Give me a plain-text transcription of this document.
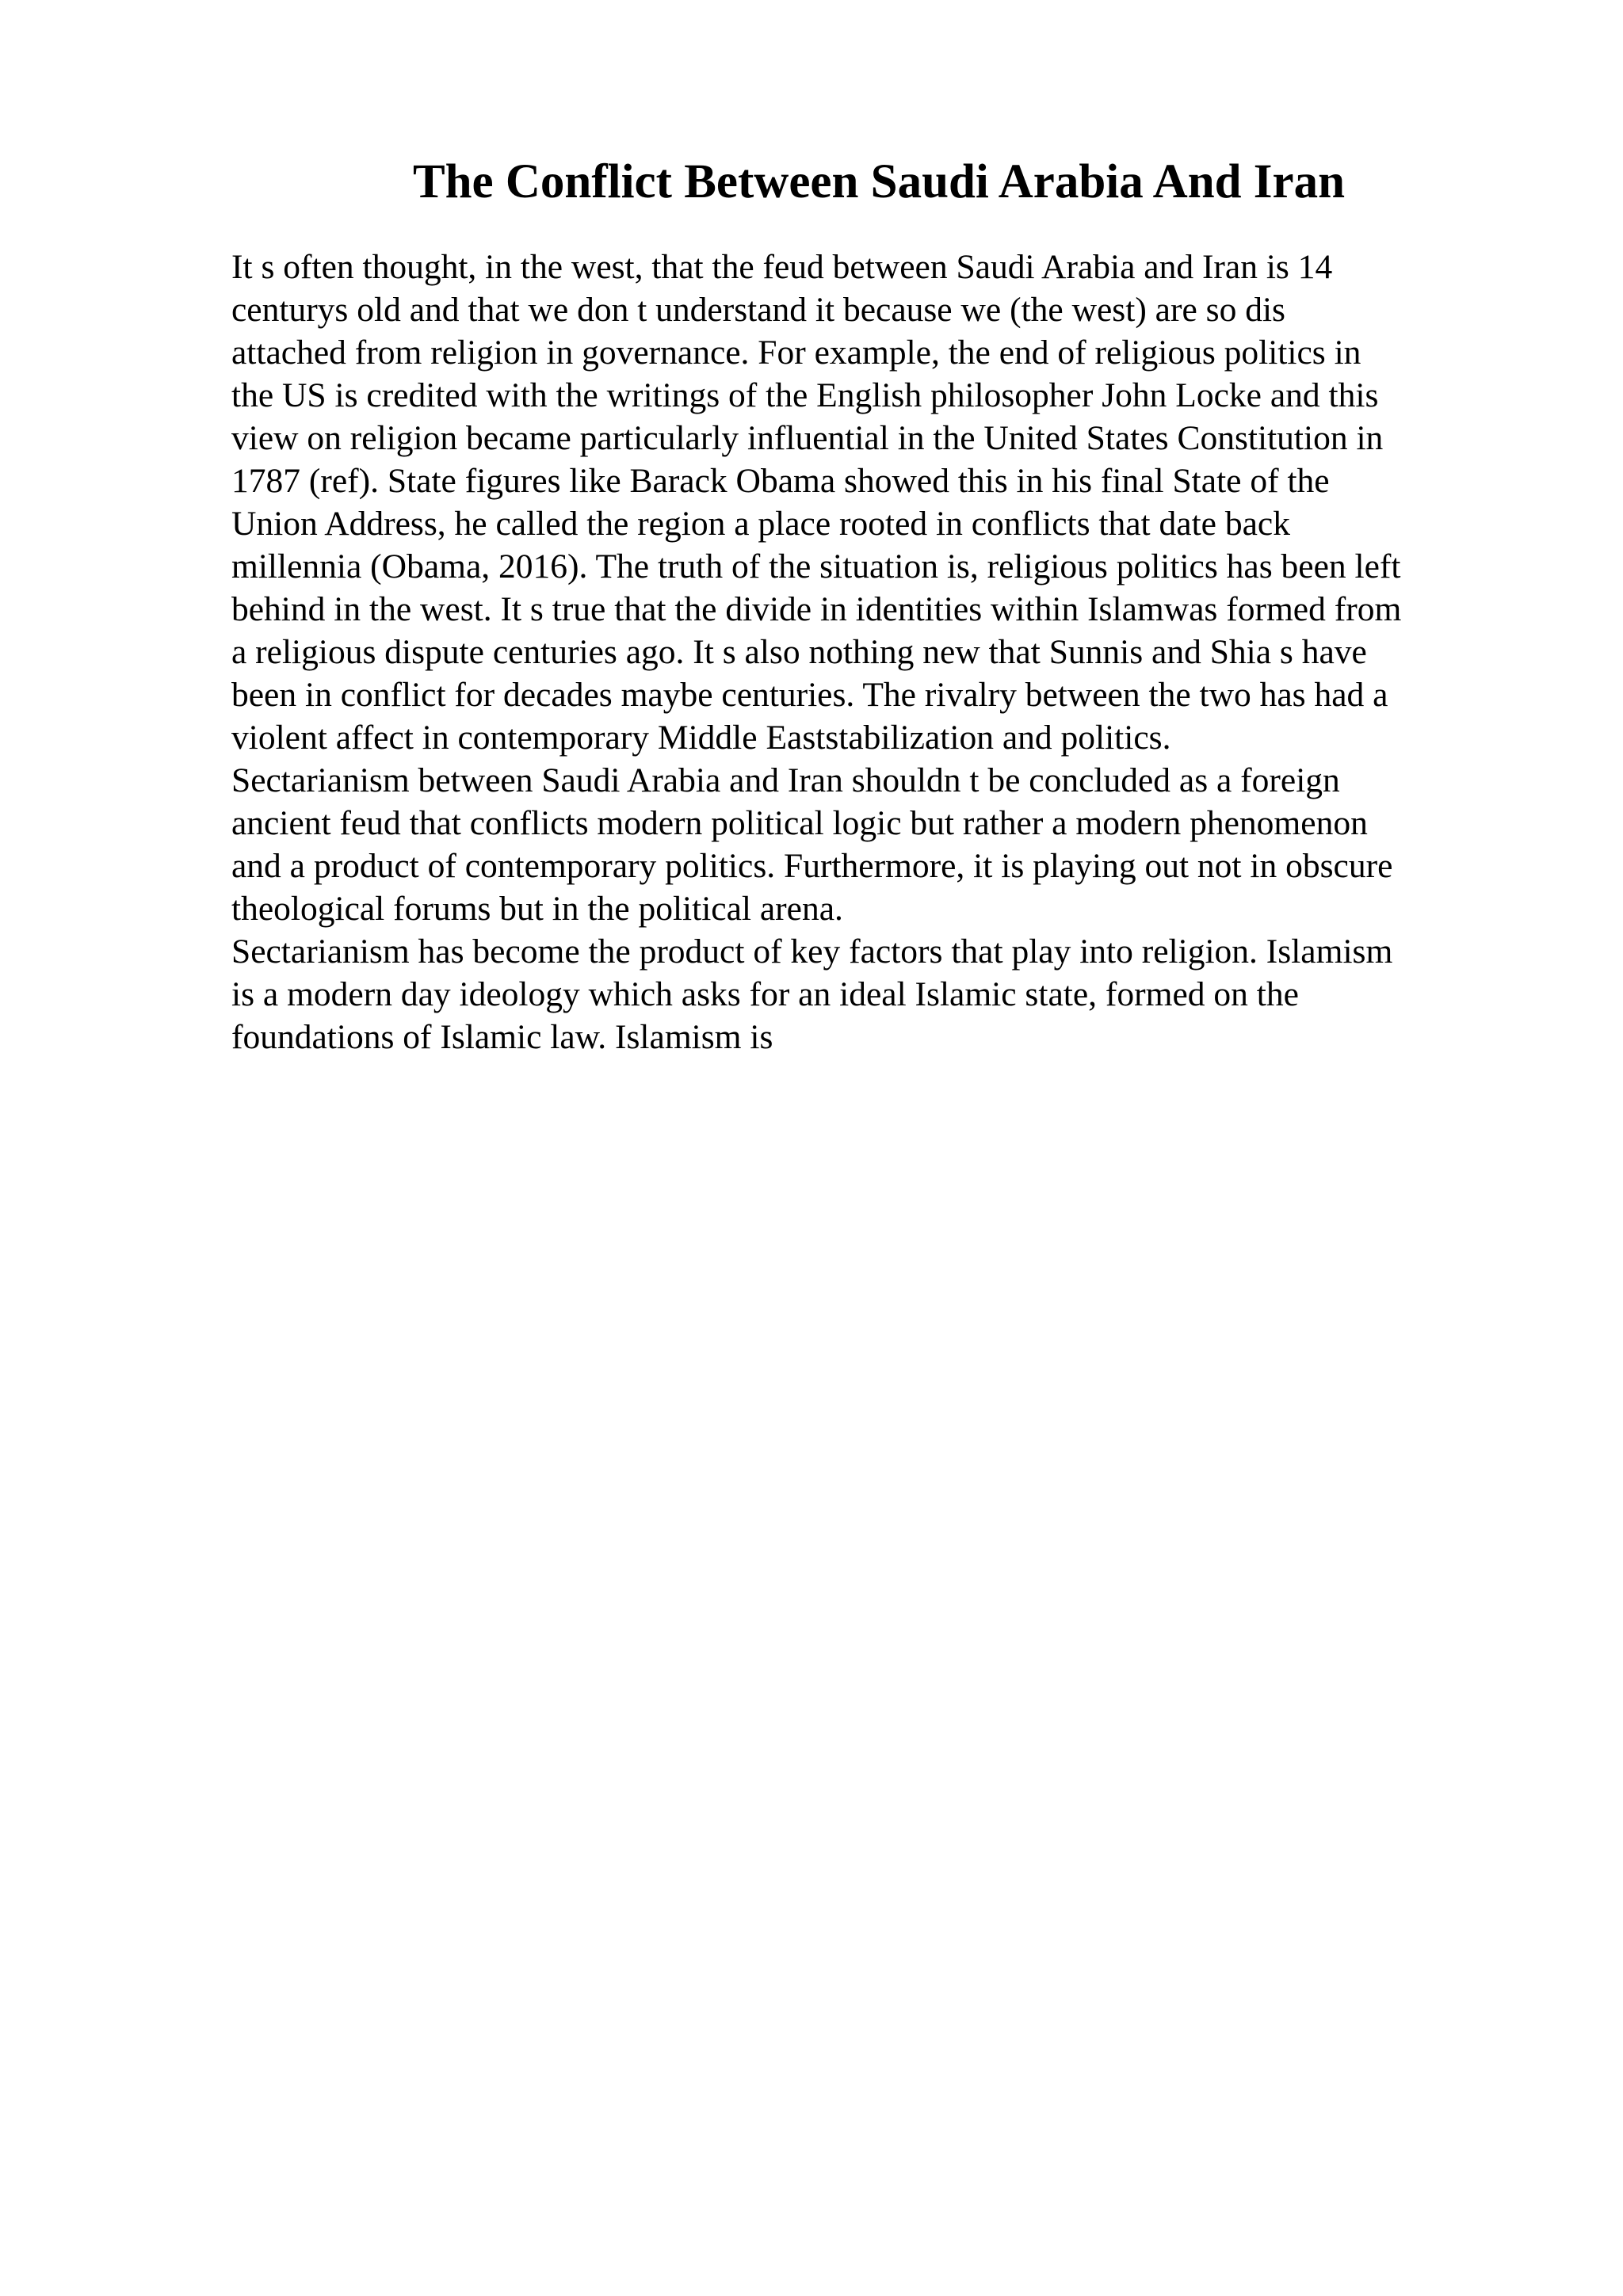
The Conflict Between Saudi Arabia And Iran

It s often thought, in the west, that the feud between Saudi Arabia and Iran is 14
centurys old and that we don t understand it because we (the west) are so dis
attached from religion in governance. For example, the end of religious politics in
the US is credited with the writings of the English philosopher John Locke and this
view on religion became particularly influential in the United States Constitution in
1787 (ref). State figures like Barack Obama showed this in his final State of the
Union Address, he called the region a place rooted in conflicts that date back
millennia (Obama, 2016). The truth of the situation is, religious politics has been left
behind in the west. It s true that the divide in identities within Islamwas formed from
a religious dispute centuries ago. It s also nothing new that Sunnis and Shia s have
been in conflict for decades maybe centuries. The rivalry between the two has had a
violent affect in contemporary Middle Eaststabilization and politics.

Sectarianism between Saudi Arabia and Iran shouldn t be concluded as a foreign
ancient feud that conflicts modern political logic but rather a modern phenomenon
and a product of contemporary politics. Furthermore, it is playing out not in obscure
theological forums but in the political arena.

Sectarianism has become the product of key factors that play into religion. Islamism
is a modern day ideology which asks for an ideal Islamic state, formed on the
foundations of Islamic law. Islamism is
